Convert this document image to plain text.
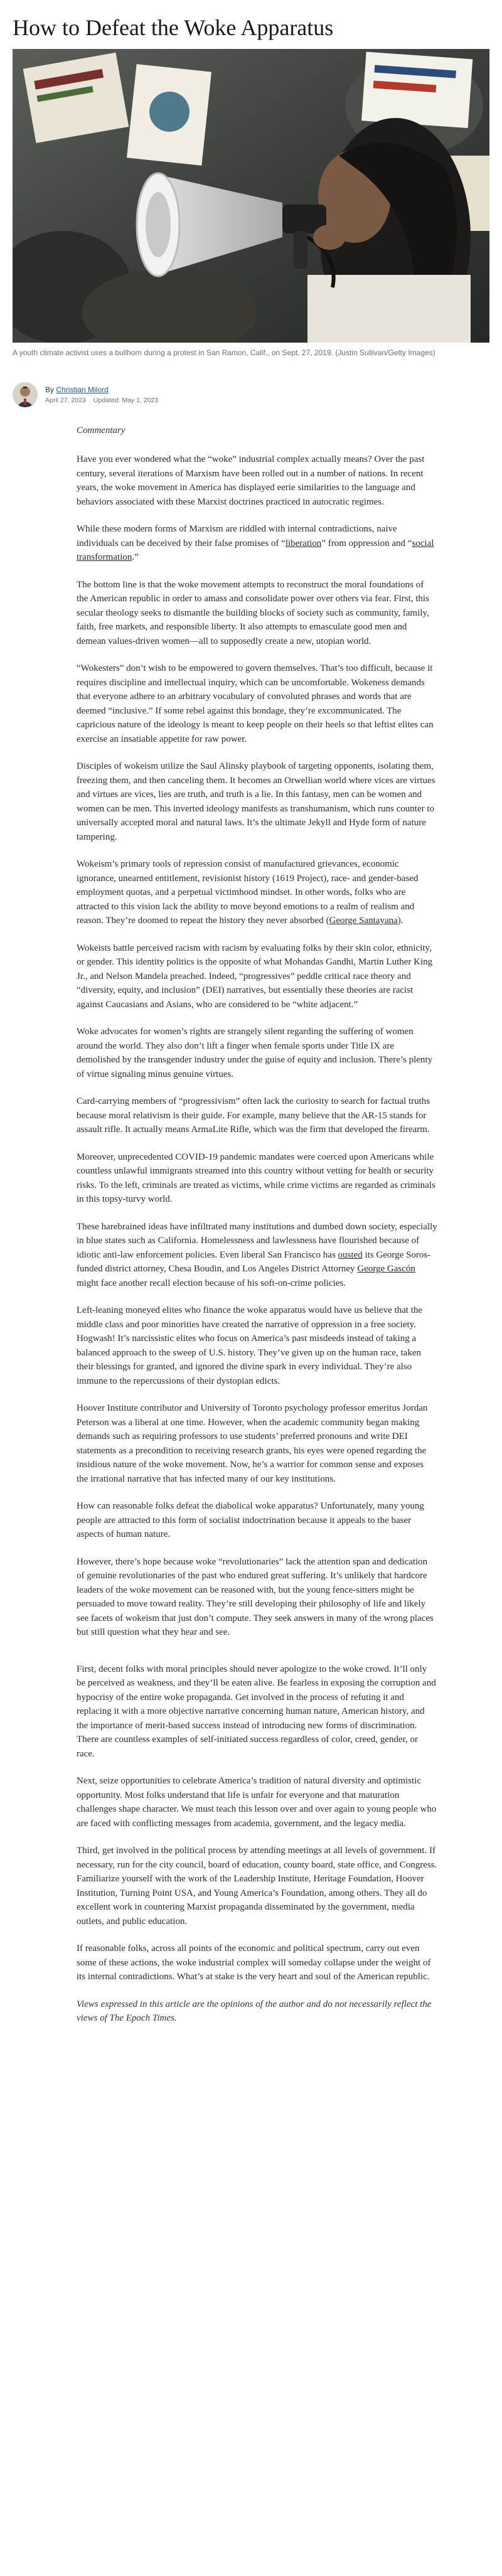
How to Defeat the Woke Apparatus
A youth climate activist uses a bullhorn during a protest in San Ramon, Calif., on Sept. 27, 2019. (Justin Sullivan/Getty Images)
By Christian Milord
April 27, 2023 Updated: May 1, 2023
Commentary

Have you ever wondered what the “woke” industrial complex actually means? Over the past century, several iterations of Marxism have been rolled out in a number of nations. In recent years, the woke movement in America has displayed eerie similarities to the language and behaviors associated with these Marxist doctrines practiced in autocratic regimes.

While these modern forms of Marxism are riddled with internal contradictions, naive individuals can be deceived by their false promises of “liberation” from oppression and “social transformation.”

The bottom line is that the woke movement attempts to reconstruct the moral foundations of the American republic in order to amass and consolidate power over others via fear. First, this secular theology seeks to dismantle the building blocks of society such as community, family, faith, free markets, and responsible liberty. It also attempts to emasculate good men and demean values-driven women—all to supposedly create a new, utopian world.

“Wokesters” don’t wish to be empowered to govern themselves. That’s too difficult, because it requires discipline and intellectual inquiry, which can be uncomfortable. Wokeness demands that everyone adhere to an arbitrary vocabulary of convoluted phrases and words that are deemed “inclusive.” If some rebel against this bondage, they’re excommunicated. The capricious nature of the ideology is meant to keep people on their heels so that leftist elites can exercise an insatiable appetite for raw power.

Disciples of wokeism utilize the Saul Alinsky playbook of targeting opponents, isolating them, freezing them, and then canceling them. It becomes an Orwellian world where vices are virtues and virtues are vices, lies are truth, and truth is a lie. In this fantasy, men can be women and women can be men. This inverted ideology manifests as transhumanism, which runs counter to universally accepted moral and natural laws. It’s the ultimate Jekyll and Hyde form of nature tampering.

Wokeism’s primary tools of repression consist of manufactured grievances, economic ignorance, unearned entitlement, revisionist history (1619 Project), race- and gender-based employment quotas, and a perpetual victimhood mindset. In other words, folks who are attracted to this vision lack the ability to move beyond emotions to a realm of realism and reason. They’re doomed to repeat the history they never absorbed (George Santayana).

Wokeists battle perceived racism with racism by evaluating folks by their skin color, ethnicity, or gender. This identity politics is the opposite of what Mohandas Gandhi, Martin Luther King Jr., and Nelson Mandela preached. Indeed, “progressives” peddle critical race theory and “diversity, equity, and inclusion” (DEI) narratives, but essentially these theories are racist against Caucasians and Asians, who are considered to be “white adjacent.”

Woke advocates for women’s rights are strangely silent regarding the suffering of women around the world. They also don’t lift a finger when female sports under Title IX are demolished by the transgender industry under the guise of equity and inclusion. There’s plenty of virtue signaling minus genuine virtues.

Card-carrying members of “progressivism” often lack the curiosity to search for factual truths because moral relativism is their guide. For example, many believe that the AR-15 stands for assault rifle. It actually means ArmaLite Rifle, which was the firm that developed the firearm.

Moreover, unprecedented COVID-19 pandemic mandates were coerced upon Americans while countless unlawful immigrants streamed into this country without vetting for health or security risks. To the left, criminals are treated as victims, while crime victims are regarded as criminals in this topsy-turvy world.

These harebrained ideas have infiltrated many institutions and dumbed down society, especially in blue states such as California. Homelessness and lawlessness have flourished because of idiotic anti-law enforcement policies. Even liberal San Francisco has ousted its George Soros-funded district attorney, Chesa Boudin, and Los Angeles District Attorney George Gascón might face another recall election because of his soft-on-crime policies.

Left-leaning moneyed elites who finance the woke apparatus would have us believe that the middle class and poor minorities have created the narrative of oppression in a free society. Hogwash! It’s narcissistic elites who focus on America’s past misdeeds instead of taking a balanced approach to the sweep of U.S. history. They’ve given up on the human race, taken their blessings for granted, and ignored the divine spark in every individual. They’re also immune to the repercussions of their dystopian edicts.

Hoover Institute contributor and University of Toronto psychology professor emeritus Jordan Peterson was a liberal at one time. However, when the academic community began making demands such as requiring professors to use students’ preferred pronouns and write DEI statements as a precondition to receiving research grants, his eyes were opened regarding the insidious nature of the woke movement. Now, he’s a warrior for common sense and exposes the irrational narrative that has infected many of our key institutions.

How can reasonable folks defeat the diabolical woke apparatus? Unfortunately, many young people are attracted to this form of socialist indoctrination because it appeals to the baser aspects of human nature.

However, there’s hope because woke “revolutionaries” lack the attention span and dedication of genuine revolutionaries of the past who endured great suffering. It’s unlikely that hardcore leaders of the woke movement can be reasoned with, but the young fence-sitters might be persuaded to move toward reality. They’re still developing their philosophy of life and likely see facets of wokeism that just don’t compute. They seek answers in many of the wrong places but still question what they hear and see.

First, decent folks with moral principles should never apologize to the woke crowd. It’ll only be perceived as weakness, and they’ll be eaten alive. Be fearless in exposing the corruption and hypocrisy of the entire woke propaganda. Get involved in the process of refuting it and replacing it with a more objective narrative concerning human nature, American history, and the importance of merit-based success instead of introducing new forms of discrimination. There are countless examples of self-initiated success regardless of color, creed, gender, or race.

Next, seize opportunities to celebrate America’s tradition of natural diversity and optimistic opportunity. Most folks understand that life is unfair for everyone and that maturation challenges shape character. We must teach this lesson over and over again to young people who are faced with conflicting messages from academia, government, and the legacy media.

Third, get involved in the political process by attending meetings at all levels of government. If necessary, run for the city council, board of education, county board, state office, and Congress. Familiarize yourself with the work of the Leadership Institute, Heritage Foundation, Hoover Institution, Turning Point USA, and Young America’s Foundation, among others. They all do excellent work in countering Marxist propaganda disseminated by the government, media outlets, and public education.

If reasonable folks, across all points of the economic and political spectrum, carry out even some of these actions, the woke industrial complex will someday collapse under the weight of its internal contradictions. What’s at stake is the very heart and soul of the American republic.

Views expressed in this article are the opinions of the author and do not necessarily reflect the views of The Epoch Times.
